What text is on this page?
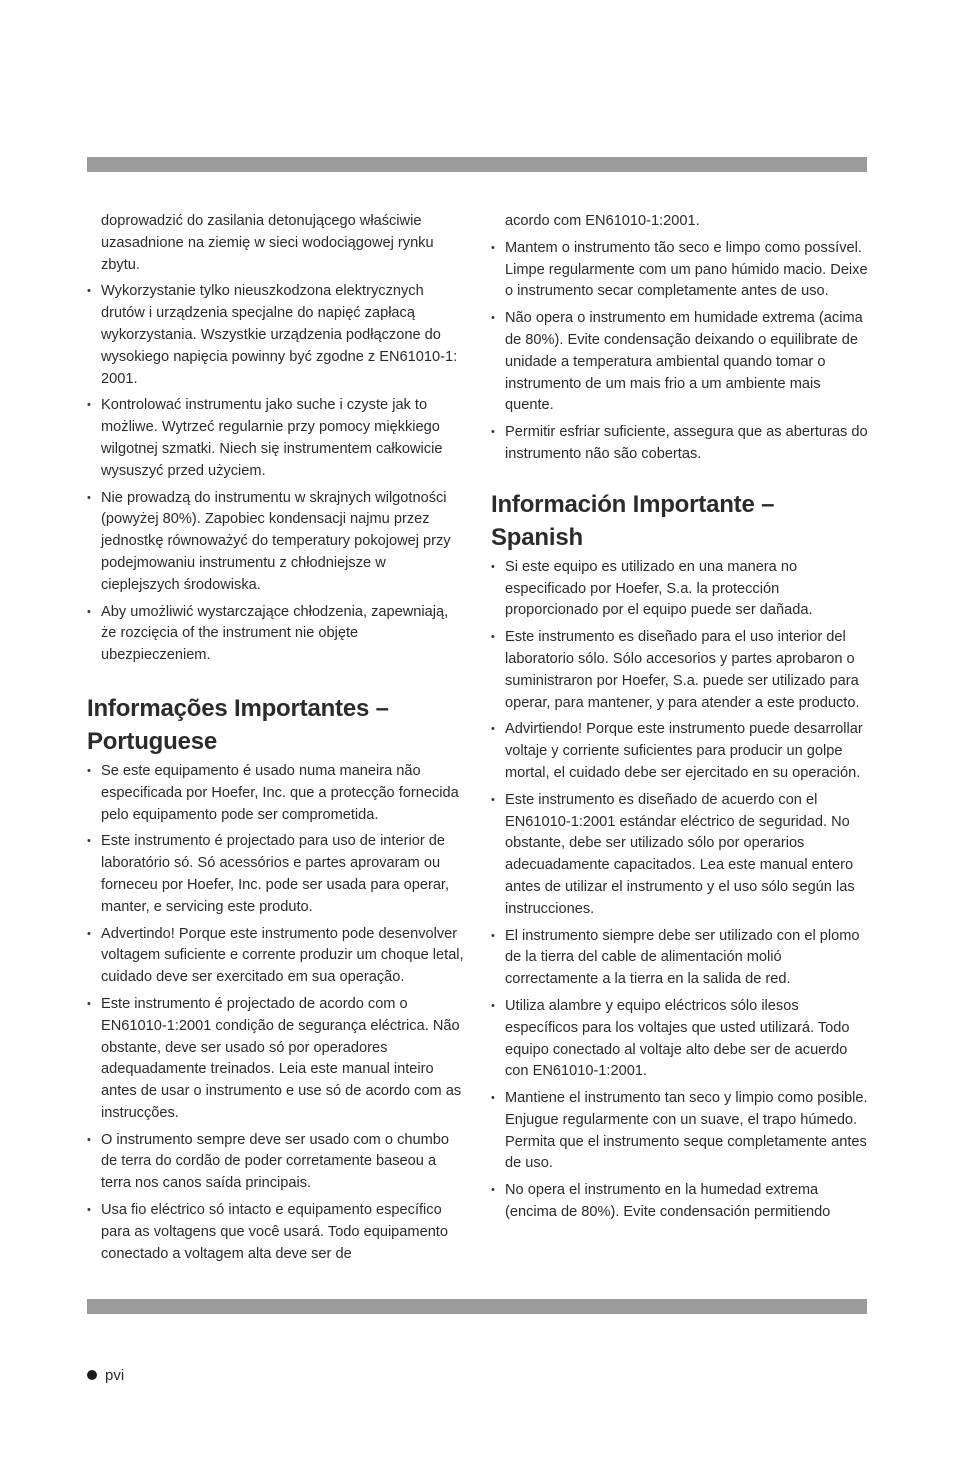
doprowadzić do zasilania detonującego właściwie uzasadnione na ziemię w sieci wodociągowej rynku zbytu.

• Wykorzystanie tylko nieuszkodzona elektrycznych drutów i urządzenia specjalne do napięć zapłacą wykorzystania. Wszystkie urządzenia podłączone do wysokiego napięcia powinny być zgodne z EN61010-1: 2001.
• Kontrolować instrumentu jako suche i czyste jak to możliwe. Wytrzeć regularnie przy pomocy miękkiego wilgotnej szmatki. Niech się instrumentem całkowicie wysuszyć przed użyciem.
• Nie prowadzą do instrumentu w skrajnych wilgotności (powyżej 80%). Zapobiec kondensacji najmu przez jednostkę równoważyć do temperatury pokojowej przy podejmowaniu instrumentu z chłodniejsze w cieplejszych środowiska.
• Aby umożliwić wystarczające chłodzenia, zapewniają, że rozcięcia of the instrument nie objęte ubezpieczeniem.
Informações Importantes – Portuguese
• Se este equipamento é usado numa maneira não especificada por Hoefer, Inc. que a protecção fornecida pelo equipamento pode ser comprometida.
• Este instrumento é projectado para uso de interior de laboratório só. Só acessórios e partes aprovaram ou forneceu por Hoefer, Inc. pode ser usada para operar, manter, e servicing este produto.
• Advertindo! Porque este instrumento pode desenvolver voltagem suficiente e corrente produzir um choque letal, cuidado deve ser exercitado em sua operação.
• Este instrumento é projectado de acordo com o EN61010-1:2001 condição de segurança eléctrica. Não obstante, deve ser usado só por operadores adequadamente treinados. Leia este manual inteiro antes de usar o instrumento e use só de acordo com as instrucções.
• O instrumento sempre deve ser usado com o chumbo de terra do cordão de poder corretamente baseou a terra nos canos saída principais.
• Usa fio eléctrico só intacto e equipamento específico para as voltagens que você usará. Todo equipamento conectado a voltagem alta deve ser de

acordo com EN61010-1:2001.

• Mantem o instrumento tão seco e limpo como possível. Limpe regularmente com um pano húmido macio. Deixe o instrumento secar completamente antes de uso.
• Não opera o instrumento em humidade extrema (acima de 80%). Evite condensação deixando o equilibrate de unidade a temperatura ambiental quando tomar o instrumento de um mais frio a um ambiente mais quente.
• Permitir esfriar suficiente, assegura que as aberturas do instrumento não são cobertas.
Información Importante – Spanish
• Si este equipo es utilizado en una manera no especificado por Hoefer, S.a. la protección proporcionado por el equipo puede ser dañada.
• Este instrumento es diseñado para el uso interior del laboratorio sólo. Sólo accesorios y partes aprobaron o suministraron por Hoefer, S.a. puede ser utilizado para operar, para mantener, y para atender a este producto.
• Advirtiendo! Porque este instrumento puede desarrollar voltaje y corriente suficientes para producir un golpe mortal, el cuidado debe ser ejercitado en su operación.
• Este instrumento es diseñado de acuerdo con el EN61010-1:2001 estándar eléctrico de seguridad. No obstante, debe ser utilizado sólo por operarios adecuadamente capacitados. Lea este manual entero antes de utilizar el instrumento y el uso sólo según las instrucciones.
• El instrumento siempre debe ser utilizado con el plomo de la tierra del cable de alimentación molió correctamente a la tierra en la salida de red.
• Utiliza alambre y equipo eléctricos sólo ilesos específicos para los voltajes que usted utilizará. Todo equipo conectado al voltaje alto debe ser de acuerdo con EN61010-1:2001.
• Mantiene el instrumento tan seco y limpio como posible. Enjugue regularmente con un suave, el trapo húmedo. Permita que el instrumento seque completamente antes de uso.
• No opera el instrumento en la humedad extrema (encima de 80%). Evite condensación permitiendo
pvi
